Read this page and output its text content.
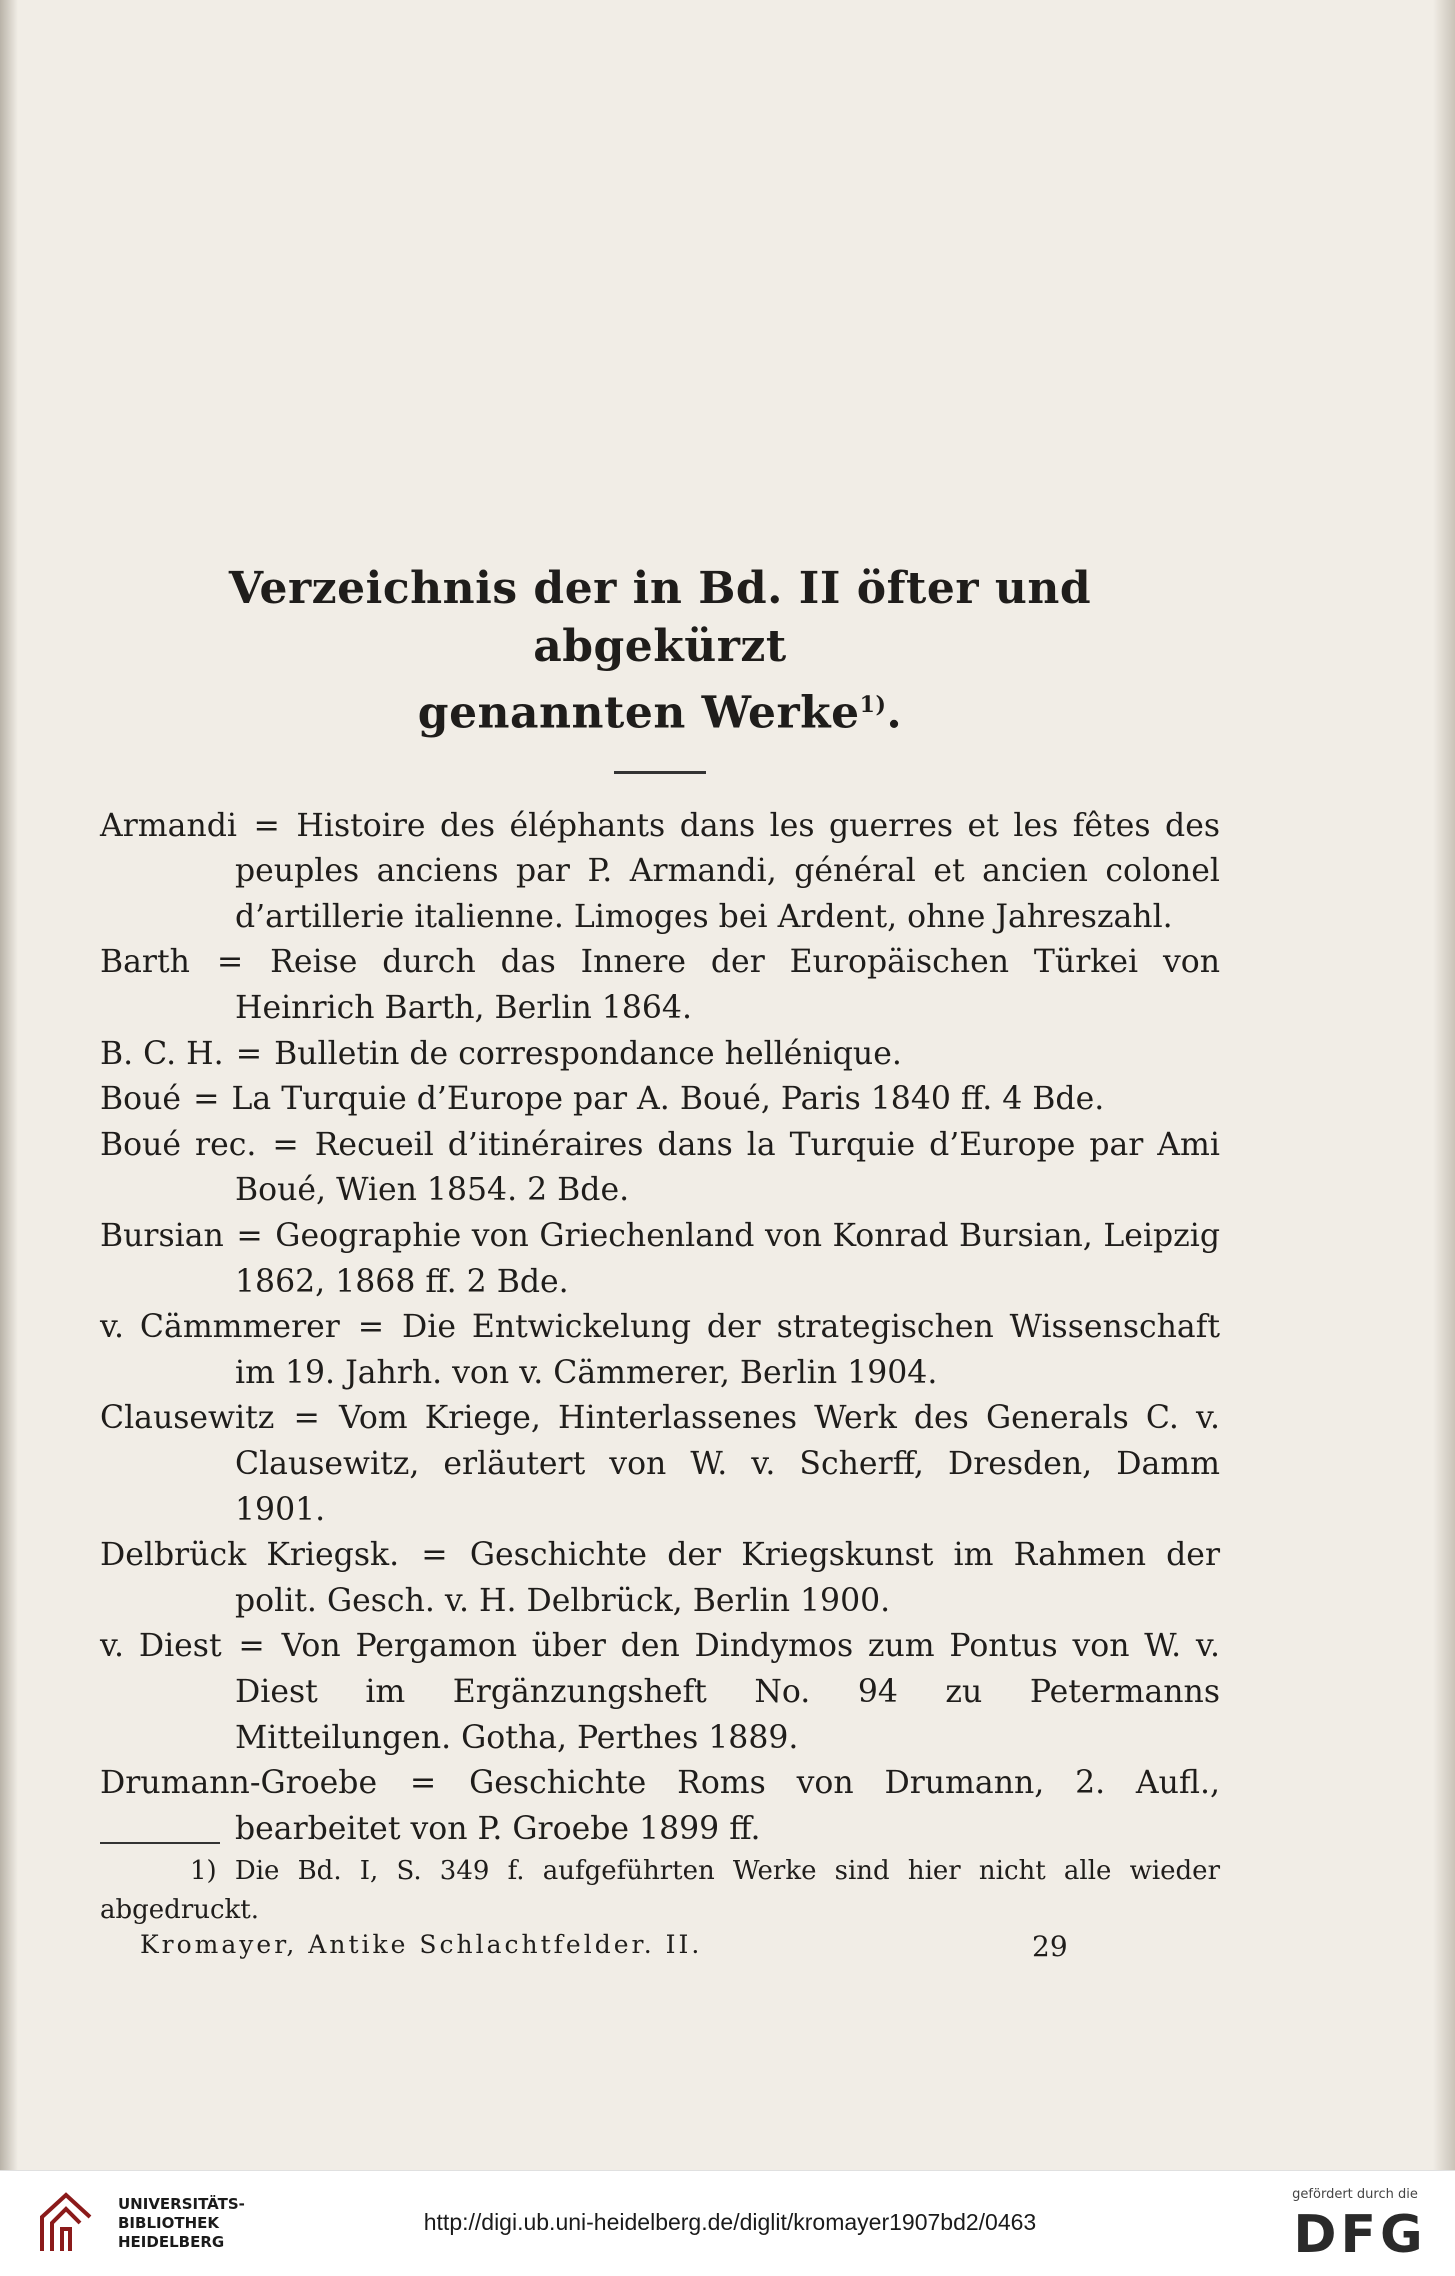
Verzeichnis der in Bd. II öfter und abgekürzt
genannten Werke$^{1)}$.
Armandi = Histoire des éléphants dans les guerres et les fêtes des peuples anciens par P. Armandi, général et ancien colonel d’artillerie italienne. Limoges bei Ardent, ohne Jahreszahl.
Barth = Reise durch das Innere der Europäischen Türkei von Heinrich Barth, Berlin 1864.
B. C. H. = Bulletin de correspondance hellénique.
Boué = La Turquie d’Europe par A. Boué, Paris 1840 ff. 4 Bde.
Boué rec. = Recueil d’itinéraires dans la Turquie d’Europe par Ami Boué, Wien 1854. 2 Bde.
Bursian = Geographie von Griechenland von Konrad Bursian, Leipzig 1862, 1868 ff. 2 Bde.
v. Cämmmerer = Die Entwickelung der strategischen Wissenschaft im 19. Jahrh. von v. Cämmerer, Berlin 1904.
Clausewitz = Vom Kriege, Hinterlassenes Werk des Generals C. v. Clausewitz, erläutert von W. v. Scherff, Dresden, Damm 1901.
Delbrück Kriegsk. = Geschichte der Kriegskunst im Rahmen der polit. Gesch. v. H. Delbrück, Berlin 1900.
v. Diest = Von Pergamon über den Dindymos zum Pontus von W. v. Diest im Ergänzungsheft No. 94 zu Petermanns Mitteilungen. Gotha, Perthes 1889.
Drumann-Groebe = Geschichte Roms von Drumann, 2. Aufl., bearbeitet von P. Groebe 1899 ff.
1) Die Bd. I, S. 349 f. aufgeführten Werke sind hier nicht alle wieder abgedruckt.
Kromayer, Antike Schlachtfelder. II.	29
UNIVERSITÄTS-
BIBLIOTHEK
HEIDELBERG
http://digi.ub.uni-heidelberg.de/diglit/kromayer1907bd2/0463
gefördert durch die
DFG
